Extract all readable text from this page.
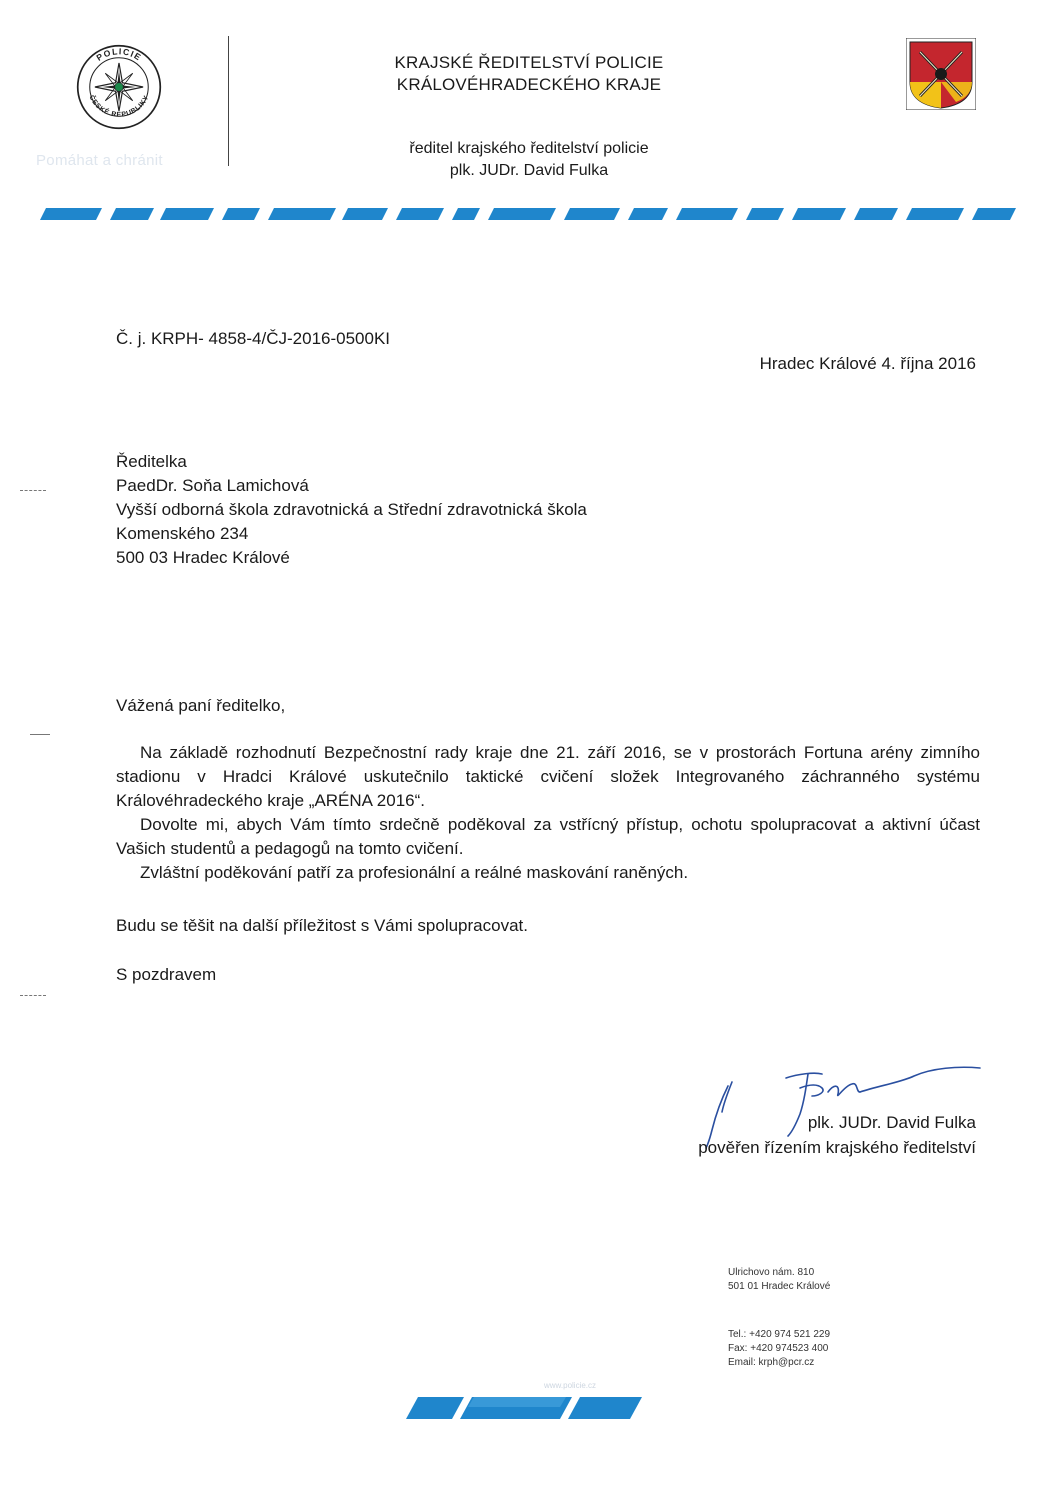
POLICIE
ČESKÉ REPUBLIKY
Pomáhat a chránit
KRAJSKÉ ŘEDITELSTVÍ POLICIE
KRÁLOVÉHRADECKÉHO KRAJE
ředitel krajského ředitelství policie
plk. JUDr. David Fulka
Č. j. KRPH- 4858-4/ČJ-2016-0500KI
Hradec Králové 4. října 2016
Ředitelka
PaedDr. Soňa Lamichová
Vyšší odborná škola zdravotnická a Střední zdravotnická škola
Komenského 234
500 03 Hradec Králové
Vážená paní ředitelko,

Na základě rozhodnutí Bezpečnostní rady kraje dne 21. září 2016, se v prostorách Fortuna arény zimního stadionu v Hradci Králové uskutečnilo taktické cvičení složek Integrovaného záchranného systému Královéhradeckého kraje „ARÉNA 2016“.

Dovolte mi, abych Vám tímto srdečně poděkoval za vstřícný přístup, ochotu spolupracovat a aktivní účast Vašich studentů a pedagogů na tomto cvičení.

Zvláštní poděkování patří za profesionální a reálné maskování raněných.

Budu se těšit na další příležitost s Vámi spolupracovat.
S pozdravem
plk. JUDr. David Fulka
pověřen řízením krajského ředitelství
Ulrichovo nám. 810
501 01 Hradec Králové
Tel.: +420 974 521 229
Fax: +420 974523 400
Email: krph@pcr.cz
www.policie.cz
